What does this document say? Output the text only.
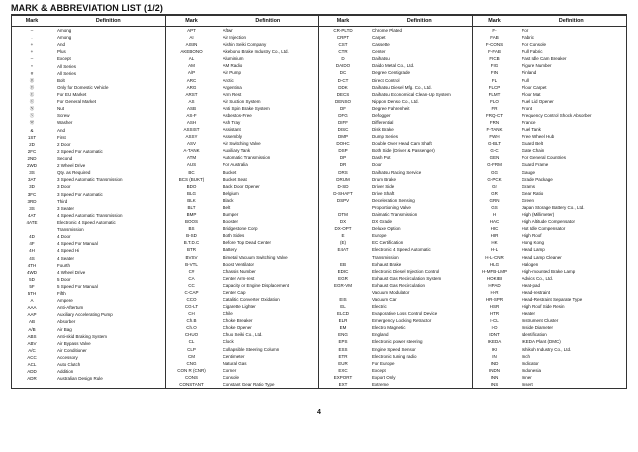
MARK & ABBREVIATION LIST (1/2)
Mark
–
.
+
+
–
*
#
Ⓑ
Ⓓ
Ⓔ
Ⓖ
Ⓝ
Ⓢ
Ⓦ
&
1ST
2D
2FC
2ND
2WD
3S
3AT
3D
3FC
3RD
3S
4AT
4ATE
4D
4F
4H
4S
4TH
4WD
5D
5F
5TH
A
AAA
AAP
AB
A/B
ABS
ABV
A/C
ACC
ACL
ADD
ADR
Definition
Among
Among
And
Plus
Except
All Series
All Series
Bolt
Only for Domestic Vehicle
For EU Market
For General Market
Nut
Screw
Washer
And
First
2 Door
2 Speed For Automatic
Second
2 Wheel Drive
Qty. as Required
3 Speed Automatic Transmission
3 Door
3 Speed For Automatic
Third
3 Seater
4 Speed Automatic Transmission
Electronic 4 Speed Automatic
Transmission
4 Door
4 Speed For Manual
4 Speed Hi
4 Seater
Fourth
4 Wheel Drive
5 Door
5 Speed For Manual
Fifth
Ampere
Anti-Aftertum
Auxiliary Accelerating Pump
Absorber
Air Bag
Anti-skid Braking System
Air Bypass Valve
Air Conditioner
Accessory
Auto Clutch
Addition
Australian Design Rule
Mark
APT
AI
AISIN
AKEBONO
AL
AM
A/P
ARC
ARG
ARST
AS
ASB
AS-F
ASH
ASSIST
ASSY
ASV
A-TANK
ATM
AUS
BC
BCS (BUKT)
BDO
BLG
BLK
BLT
BMP
BOOS
BS
B-SD
B.T.D.C
BTR
BVSV
B-VTL
C#
CA
CC
C-CAP
CCO
CG-LT
CH
Ch.B
Ch.O
CHUO
CL
CLP
CM
CNG
CON R (CNR)
CONS
CONSTANT
Definition
Aftwr
Air Injection
Aishin Seiki Company
Akebono Brake Industry Co., Ltd.
Aluminium
AM Radio
Air Pump
Arctic
Argentina
Arm Rest
Air Suction System
Anti Spin Brake System
Asbestos-Free
Ash Tray
Assistant
Assembly
Air Switching Valve
Auxiliary Tank
Automatic Transmission
For Australia
Bucket
Bucket Seat
Back Door Opener
Belgium
Black
Belt
Bumper
Booster
Bridgestone Corp
Both Sides
Before Top Dead Center
Battery
Bimetal Vacuum Switching Valve
Boost Ventilator
Chassis Number
Center Arm-rest
Capacity or Engine Displacement
Center Cap
Catalitic Converter Oxidation
Cigarette Lighter
Chile
Choke Breaker
Choke Opener
Chuo Seiki Co., Ltd.
Clock
Collapsible Steering Column
Centimeter
Natural Gas
Corner
Console
Constant Gear Ratio Type
Mark
CR-PLTD
CRPT
CST
CTR
D
DAIDO
DC
D-CT
DDK
DECS
DENSO
DF
DFG
DIFF
DISC
DMP
DOHC
DSP
DP
DR
DRS
DRUM
D-SD
D-SHAFT
DSPV
DTM
DX
DX-OPT
E
(E)
E4AT
EB
EDIC
EGR
EGR-VM
EIS
EL
ELCD
ELR
EM
ENG
EPS
ESS
ETR
EUR
EXC
EXPORT
EXT
Definition
Chrome Plated
Carpet
Cassette
Center
Daihatsu
Daido Metal Co., Ltd.
Degree Centigrade
Direct Control
Daihatsu Diesel Mfg. Co., Ltd.
Daihatsu Economical Clean-Up System
Nippon Denso Co., Ltd.
Degree Fahrenheit
Defogger
Differential
Disk Brake
Dump Series
Double Over Head Cam Shaft
Both Side (Driver & Passenger)
Dash Pot
Door
Daihatsu Racing Service
Drum Brake
Driver Side
Drive Shaft
Deceleration Sensing
Proportioning Valve
Daimatic Transmission
DX Grade
Deluxe Option
Europe
EC Certification
Electronic 4 Speed Automatic
Transmission
Exhaust Brake
Electronic Diesel Injection Control
Exhaust Gas Recirculation System
Exhaust Gas Recirculation
Vacuum Modulator
Vacuum Car
Electric
Evaporative Loss Control Device
Emergency Locking Retractor
Electro Magnetic
England
Electronic power steering
Engine Speed Sensor
Electronic tuning radio
For Europe
Except
Export Only
Extreme
Mark
F-
FAB
F-CONS
F-FAB
FICB
FIG
FIN
FL
FLCP
FLMT
FLO
FR
FRQ-CT
FRN
F-TANK
FWH
G-BLT
G-C
GEN
G-FRM
GG
G-PCK
Gr
GR
GRN
GS
H
HAC
HIC
HIR
HK
H-L
H-L-CNR
HLG
H-MFB-LMP
HOKIBI
HPAD
H-R
HR-SPR
HSR
HTR
I-CL
I-D
IDNT
IKEDA
IKI
IN
IND
INDN
INN
INS
Definition
For
Fabric
For Console
Full Fabric
Fast Idle Cam Breaker
Figure Number
Finland
Full
Floor Carpet
Floor Mat
Fuel Lid Opener
Front
Frequency Control Shock Absorber
France
Fuel Tank
Free Wheel Hub
Guard Belt
Gate Chain
For General Countries
Guard Frame
Gauge
Grade Package
Grams
Gear Ratio
Green
Japan Storage Battery Co., Ltd.
High (Millimeter)
High Altitude Compensator
Hot Idle Compensator
High Roof
Hong Kong
Head Lamp
Head Lamp Cleaner
Halogen
High-mounted Brake Lamp
Advics Co., Ltd.
Heat-pad
Head-restraint
Head-Restraint Separate Type
High Roof Side Resin
Heater
Instrument Cluster
Inside Diameter
Identification
IKEDA Plant (DMC)
Ishikoh Industry Co., Ltd.
Inch
Indicator
Indonesia
Inner
Insert
4
